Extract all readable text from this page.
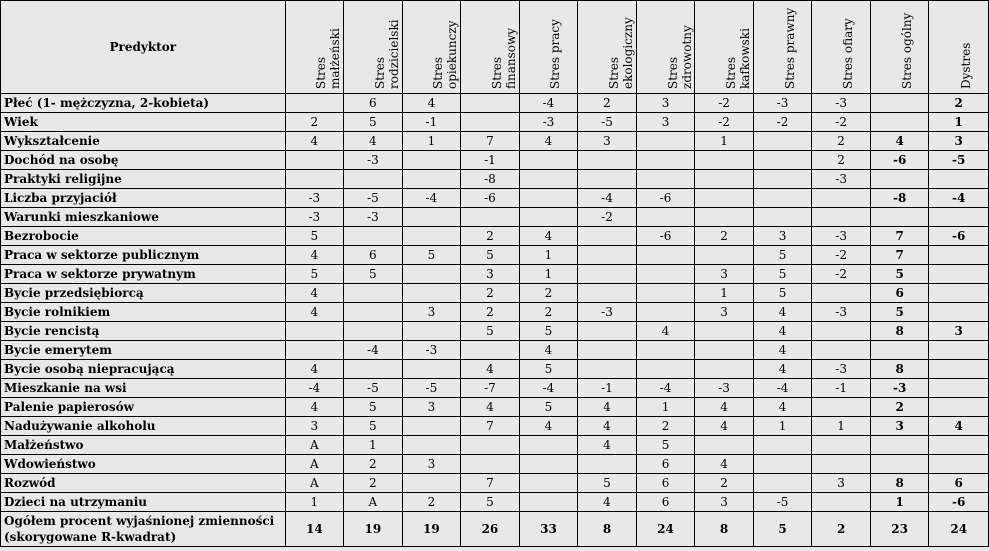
Predyktor	Stres małżeński	Stres rodzicielski	Stres opiekunczy	Stres finansowy	Stres pracy	Stres ekologiczny	Stres zdrowotny	Stres kafkowski	Stres prawny	Stres ofiary	Stres ogólny	Dystres

Płeć (1- mężczyzna, 2-kobieta)		6	4		-4	2	3	-2	-3	-3		2
Wiek	2	5	-1		-3	-5	3	-2	-2	-2		1
Wykształcenie	4	4	1	7	4	3		1		2	4	3
Dochód na osobę		-3		-1						2	-6	-5
Praktyki religijne				-8						-3		
Liczba przyjaciół	-3	-5	-4	-6		-4	-6				-8	-4
Warunki mieszkaniowe	-3	-3				-2						
Bezrobocie	5			2	4		-6	2	3	-3	7	-6
Praca w sektorze publicznym	4	6	5	5	1				5	-2	7	
Praca w sektorze prywatnym	5	5		3	1			3	5	-2	5	
Bycie przedsiębiorcą	4			2	2			1	5		6	
Bycie rolnikiem	4		3	2	2	-3		3	4	-3	5	
Bycie rencistą				5	5		4		4		8	3
Bycie emerytem		-4	-3		4				4			
Bycie osobą niepracującą	4			4	5				4	-3	8	
Mieszkanie na wsi	-4	-5	-5	-7	-4	-1	-4	-3	-4	-1	-3	
Palenie papierosów	4	5	3	4	5	4	1	4	4		2	
Nadużywanie alkoholu	3	5		7	4	4	2	4	1	1	3	4
Małżeństwo	A	1				4	5					
Wdowieństwo	A	2	3				6	4				
Rozwód	A	2		7		5	6	2		3	8	6
Dzieci na utrzymaniu	1	A	2	5		4	6	3	-5		1	-6
Ogółem procent wyjaśnionej zmienności (skorygowane R-kwadrat)	14	19	19	26	33	8	24	8	5	2	23	24
